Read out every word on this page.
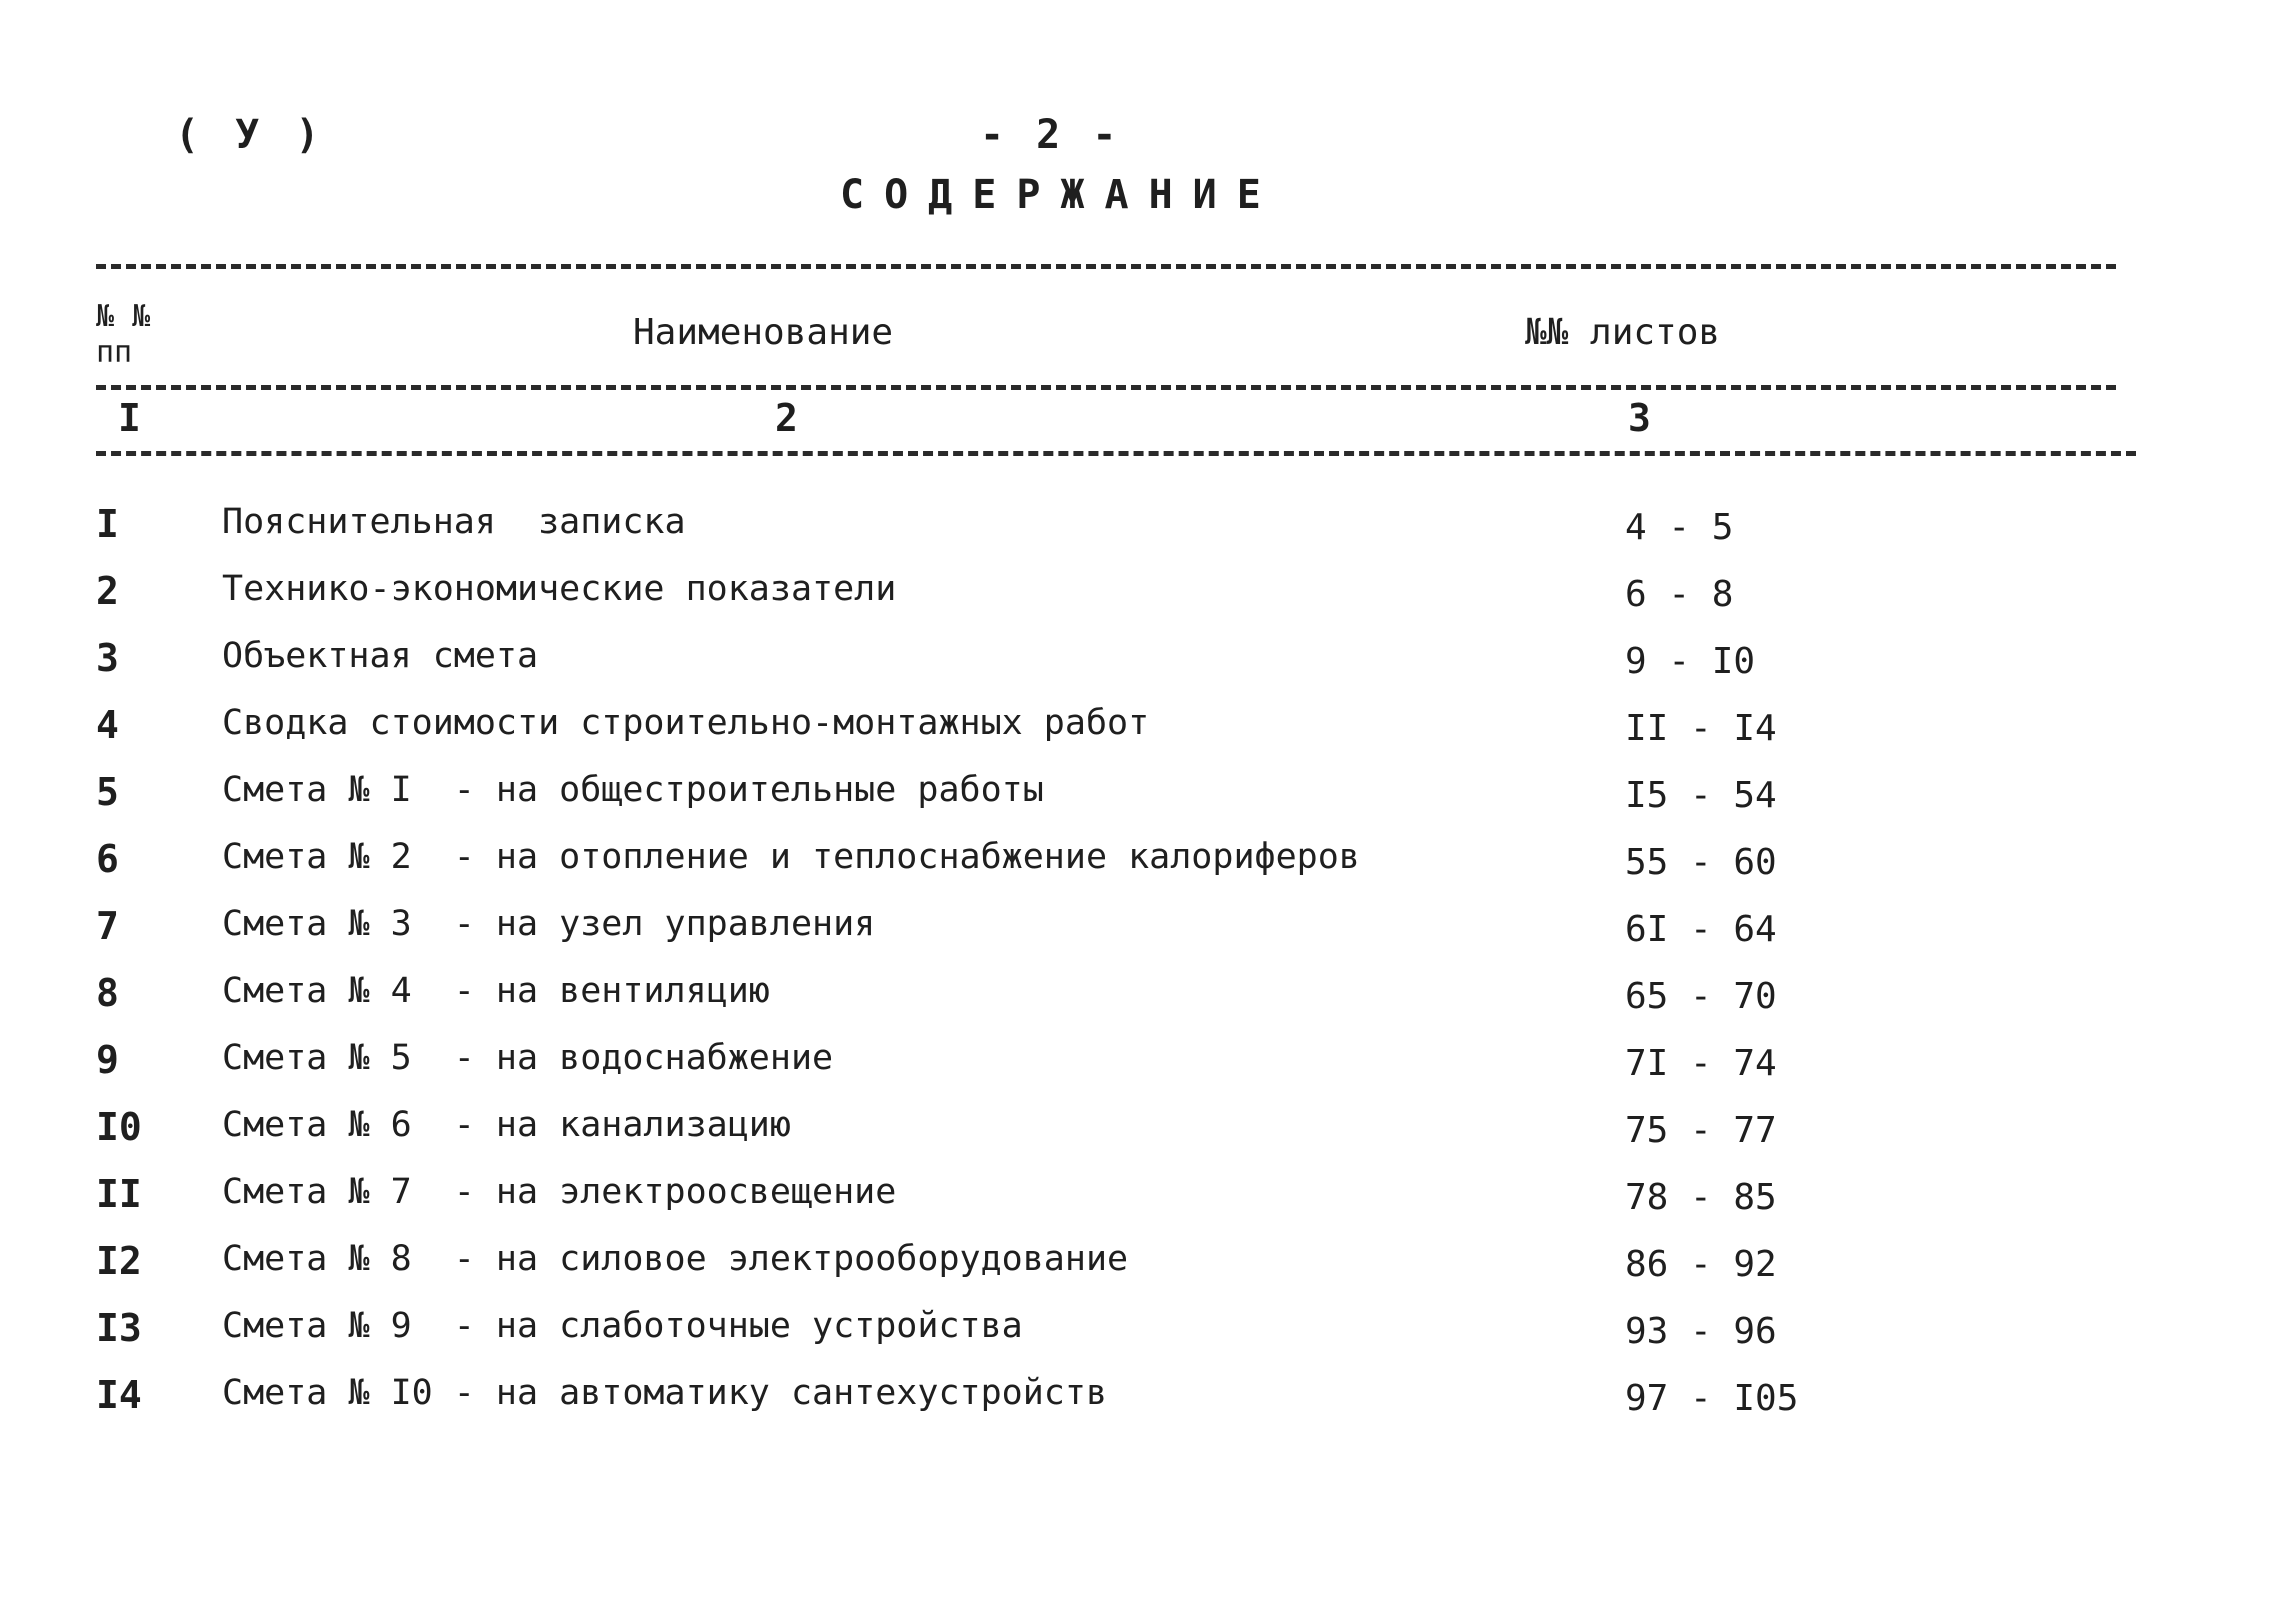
( У )	- 2 -
СОДЕРЖАНИЕ
№ №
пп	Наименование	№№ листов
I	2	3
I	Пояснительная  записка	4 - 5
2	Технико-экономические показатели	6 - 8
3	Объектная смета	9 - I0
4	Сводка стоимости строительно-монтажных работ	II - I4
5	Смета № I  - на общестроительные работы	I5 - 54
6	Смета № 2  - на отопление и теплоснабжение калориферов	55 - 60
7	Смета № 3  - на узел управления	6I - 64
8	Смета № 4  - на вентиляцию	65 - 70
9	Смета № 5  - на водоснабжение	7I - 74
I0 Смета № 6  - на канализацию	75 - 77
II Смета № 7  - на электроосвещение	78 - 85
I2 Смета № 8  - на силовое электрооборудование	86 - 92
I3 Смета № 9  - на слаботочные устройства	93 - 96
I4 Смета № I0 - на автоматику сантехустройств	97 - I05
